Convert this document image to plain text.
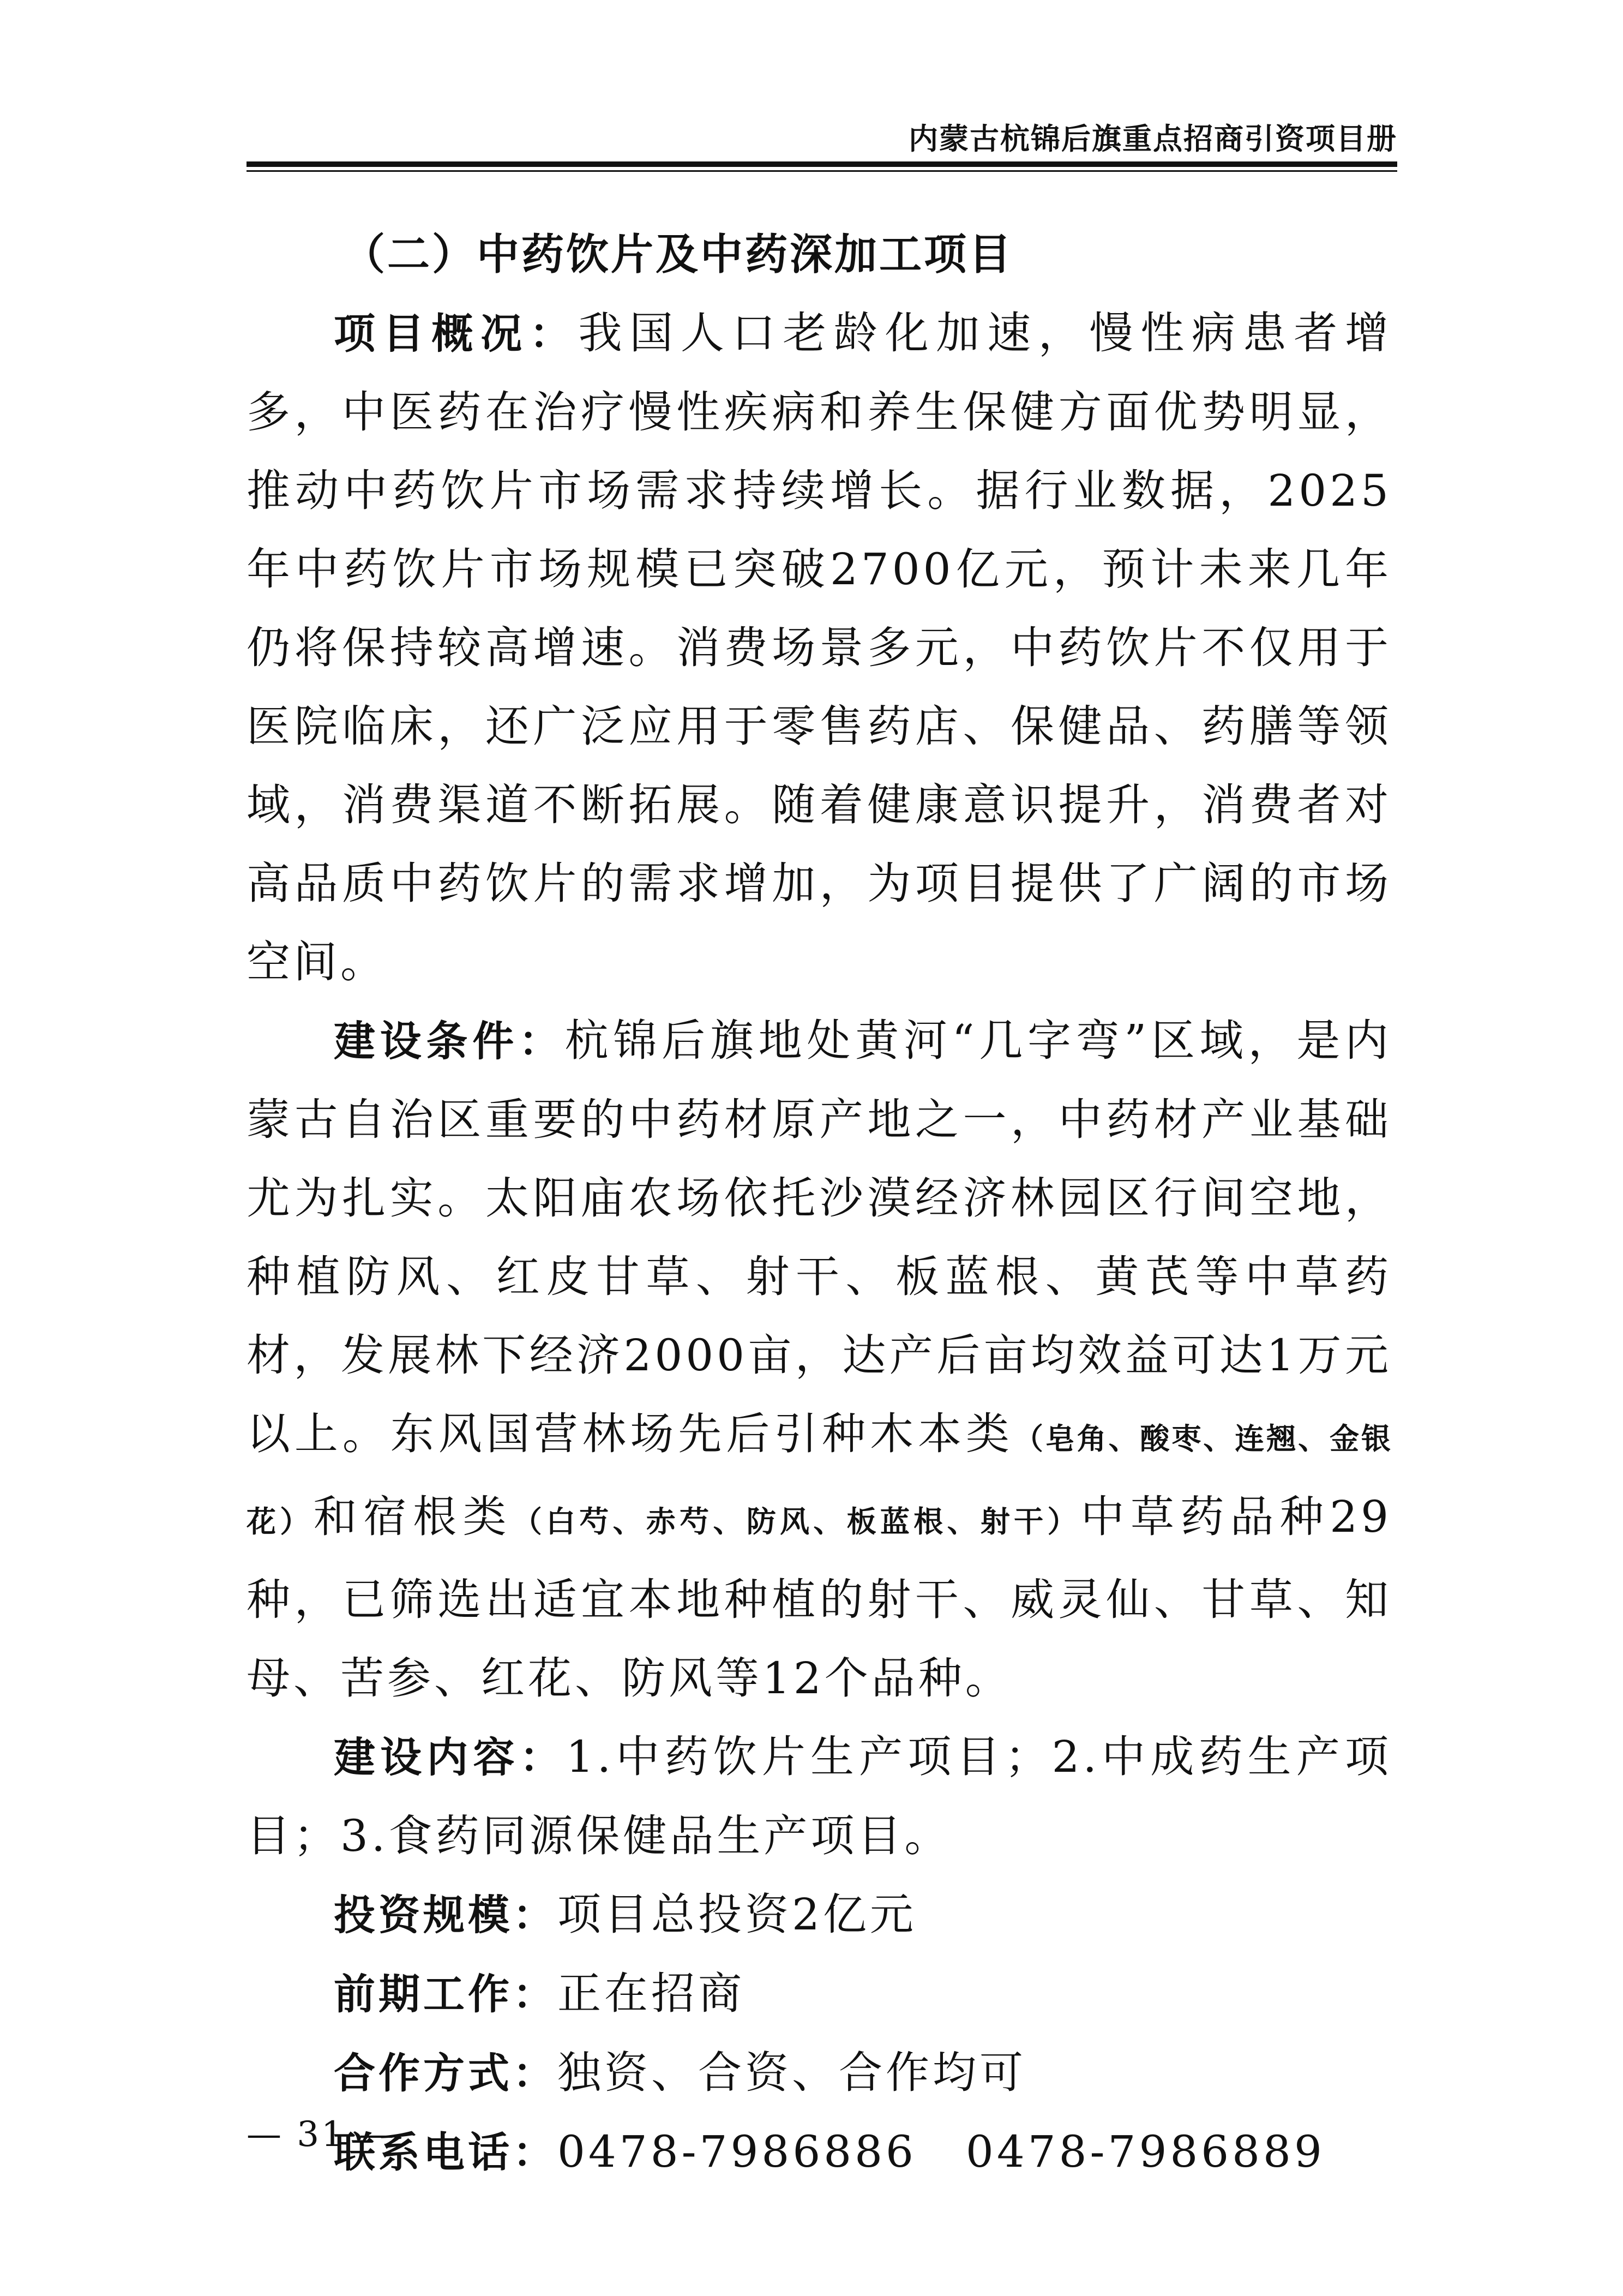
内蒙古杭锦后旗重点招商引资项目册

（二）中药饮片及中药深加工项目

项目概况：我国人口老龄化加速，慢性病患者增多，中医药在治疗慢性疾病和养生保健方面优势明显，推动中药饮片市场需求持续增长。据行业数据，2025年中药饮片市场规模已突破2700亿元，预计未来几年仍将保持较高增速。消费场景多元，中药饮片不仅用于医院临床，还广泛应用于零售药店、保健品、药膳等领域，消费渠道不断拓展。随着健康意识提升，消费者对高品质中药饮片的需求增加，为项目提供了广阔的市场空间。

建设条件：杭锦后旗地处黄河“几字弯”区域，是内蒙古自治区重要的中药材原产地之一，中药材产业基础尤为扎实。太阳庙农场依托沙漠经济林园区行间空地，种植防风、红皮甘草、射干、板蓝根、黄芪等中草药材，发展林下经济2000亩，达产后亩均效益可达1万元以上。东风国营林场先后引种木本类（皂角、酸枣、连翘、金银花）和宿根类（白芍、赤芍、防风、板蓝根、射干）中草药品种29种，已筛选出适宜本地种植的射干、威灵仙、甘草、知母、苦参、红花、防风等12个品种。

建设内容：1.中药饮片生产项目；2.中成药生产项目；3.食药同源保健品生产项目。

投资规模：项目总投资2亿元

前期工作：正在招商

合作方式：独资、合资、合作均可

联系电话：0478-7986886 0478-7986889

— 31 —
